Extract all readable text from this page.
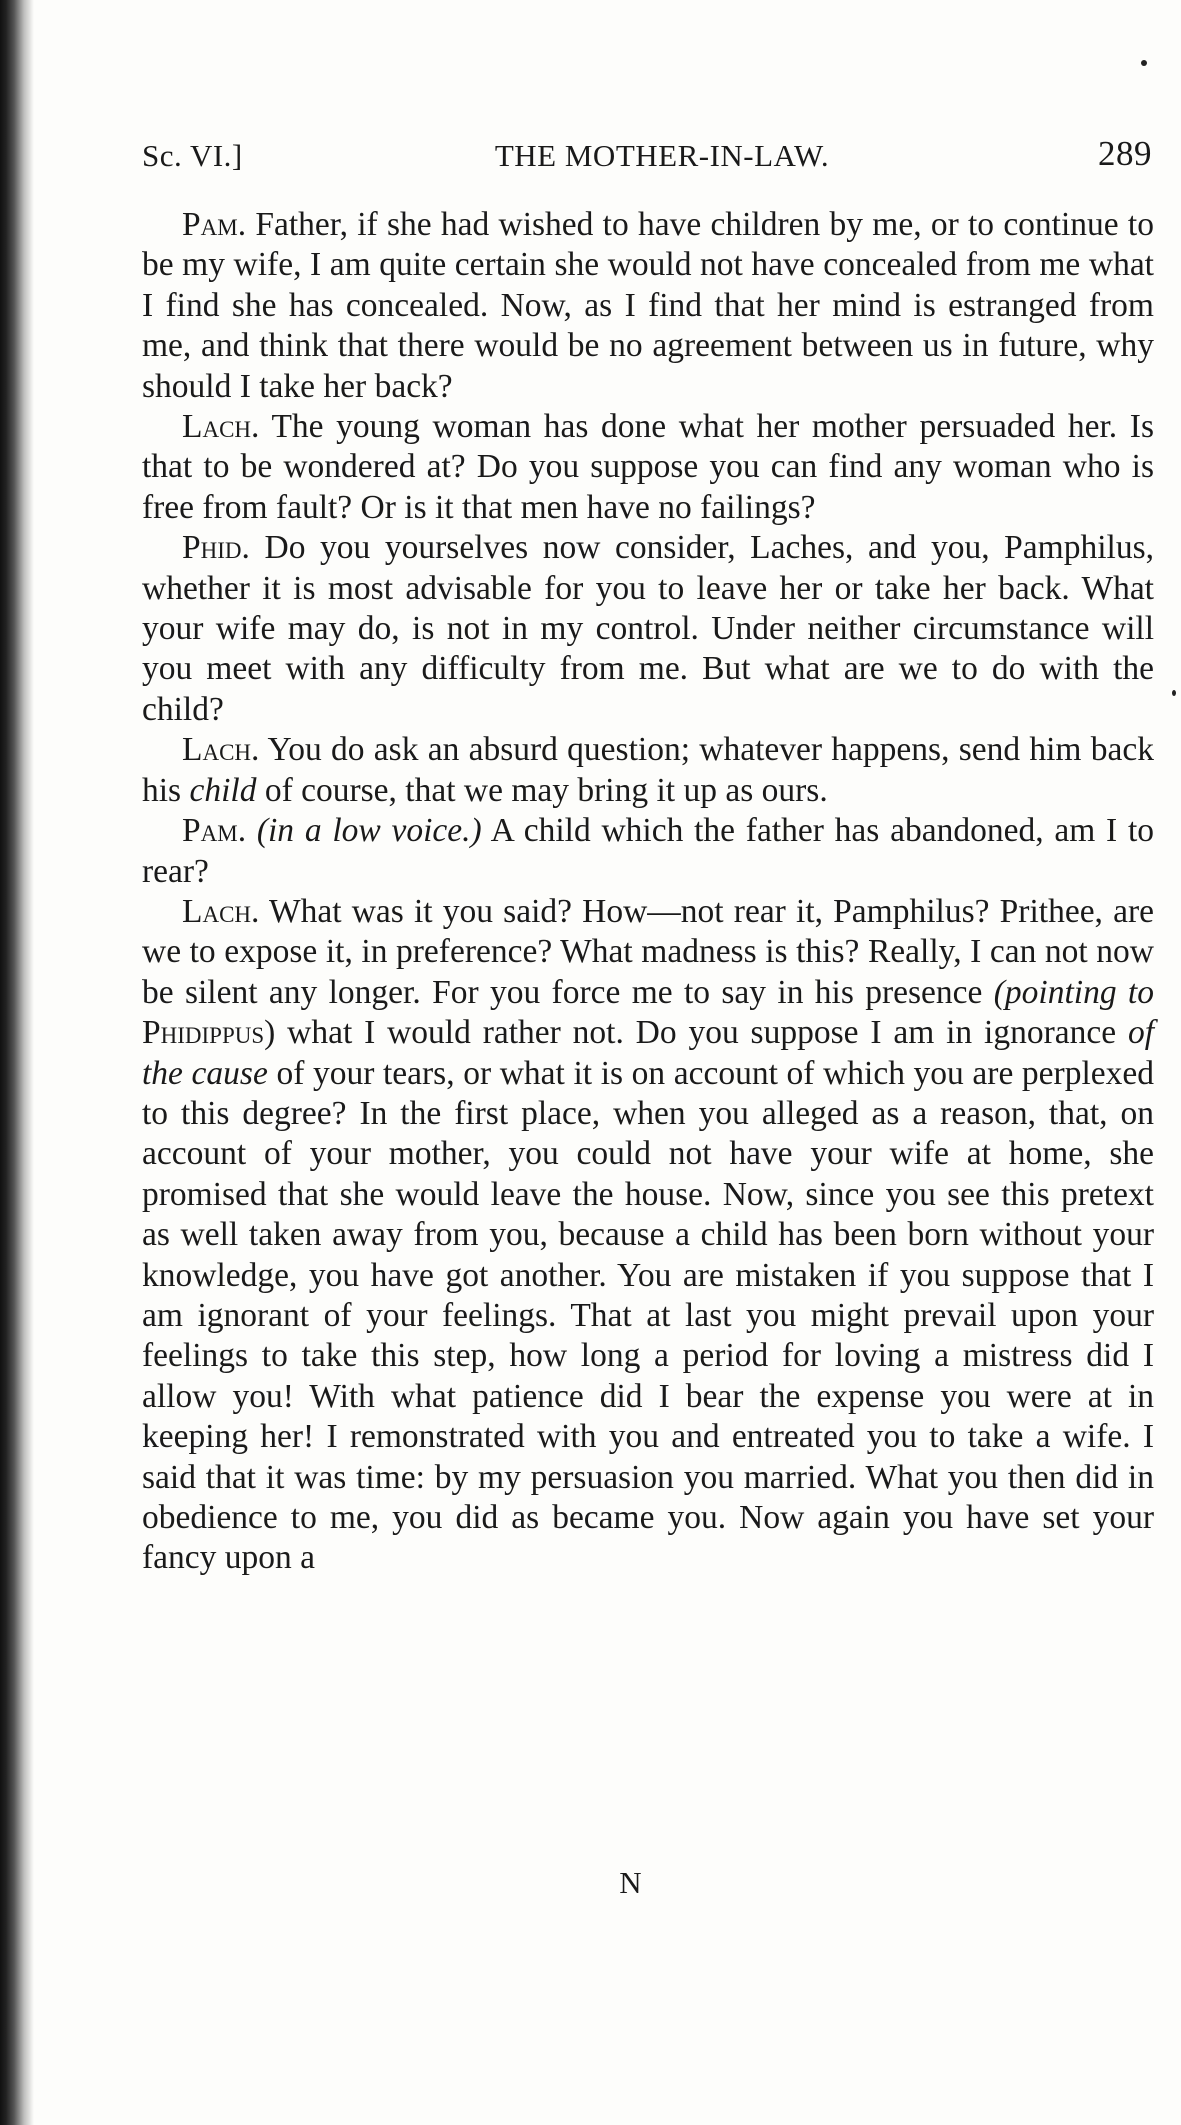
Sc. VI.]	THE MOTHER-IN-LAW.	289

Pam. Father, if she had wished to have children by me, or to continue to be my wife, I am quite certain she would not have concealed from me what I find she has concealed. Now, as I find that her mind is estranged from me, and think that there would be no agreement between us in future, why should I take her back?

Lach. The young woman has done what her mother persuaded her. Is that to be wondered at? Do you suppose you can find any woman who is free from fault? Or is it that men have no failings?

Phid. Do you yourselves now consider, Laches, and you, Pamphilus, whether it is most advisable for you to leave her or take her back. What your wife may do, is not in my control. Under neither circumstance will you meet with any difficulty from me. But what are we to do with the child?

Lach. You do ask an absurd question; whatever happens, send him back his child of course, that we may bring it up as ours.

Pam. (in a low voice.) A child which the father has abandoned, am I to rear?

Lach. What was it you said? How—not rear it, Pamphilus? Prithee, are we to expose it, in preference? What madness is this? Really, I can not now be silent any longer. For you force me to say in his presence (pointing to Phidippus) what I would rather not. Do you suppose I am in ignorance of the cause of your tears, or what it is on account of which you are perplexed to this degree? In the first place, when you alleged as a reason, that, on account of your mother, you could not have your wife at home, she promised that she would leave the house. Now, since you see this pretext as well taken away from you, because a child has been born without your knowledge, you have got another. You are mistaken if you suppose that I am ignorant of your feelings. That at last you might prevail upon your feelings to take this step, how long a period for loving a mistress did I allow you! With what patience did I bear the expense you were at in keeping her! I remonstrated with you and entreated you to take a wife. I said that it was time: by my persuasion you married. What you then did in obedience to me, you did as became you. Now again you have set your fancy upon a

N
